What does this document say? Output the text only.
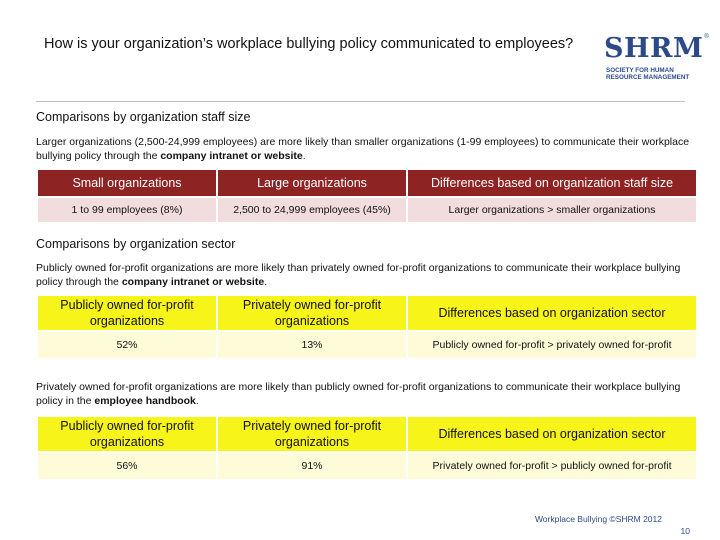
How is your organization’s workplace bullying policy communicated to employees?	SHRM ®
SOCIETY FOR HUMAN
RESOURCE MANAGEMENT
Comparisons by organization staff size
Larger organizations (2,500-24,999 employees) are more likely than smaller organizations (1-99 employees) to communicate their workplace bullying policy through the company intranet or website.
Small organizations	Large organizations	Differences based on organization staff size
1 to 99 employees (8%)	2,500 to 24,999 employees (45%)	Larger organizations > smaller organizations
Comparisons by organization sector
Publicly owned for-profit organizations are more likely than privately owned for-profit organizations to communicate their workplace bullying policy through the company intranet or website.
Publicly owned for-profit organizations	Privately owned for-profit organizations	Differences based on organization sector
52%	13%	Publicly owned for-profit > privately owned for-profit
Privately owned for-profit organizations are more likely than publicly owned for-profit organizations to communicate their workplace bullying policy in the employee handbook.
Publicly owned for-profit organizations	Privately owned for-profit organizations	Differences based on organization sector
56%	91%	Privately owned for-profit > publicly owned for-profit
Workplace Bullying ©SHRM 2012
10
